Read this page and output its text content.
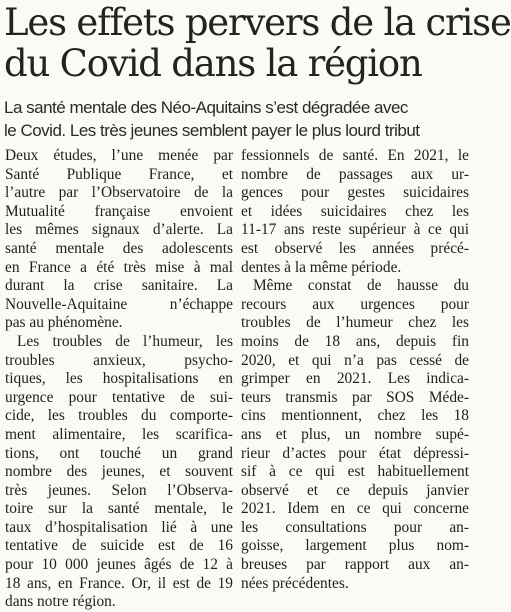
Les effets pervers de la crise
du Covid dans la région

La santé mentale des Néo-Aquitains s’est dégradée avec
le Covid. Les très jeunes semblent payer le plus lourd tribut

Deux études, l’une menée par
Santé Publique France, et
l’autre par l’Observatoire de la
Mutualité française envoient
les mêmes signaux d’alerte. La
santé mentale des adolescents
en France a été très mise à mal
durant la crise sanitaire. La
Nouvelle-Aquitaine n’échappe
pas au phénomène.

Les troubles de l’humeur, les
troubles anxieux, psycho-
tiques, les hospitalisations en
urgence pour tentative de sui-
cide, les troubles du comporte-
ment alimentaire, les scarifica-
tions, ont touché un grand
nombre des jeunes, et souvent
très jeunes. Selon l’Observa-
toire sur la santé mentale, le
taux d’hospitalisation lié à une
tentative de suicide est de 16
pour 10 000 jeunes âgés de 12 à
18 ans, en France. Or, il est de 19
dans notre région.

fessionnels de santé. En 2021, le
nombre de passages aux ur-
gences pour gestes suicidaires
et idées suicidaires chez les
11-17 ans reste supérieur à ce qui
est observé les années précé-
dentes à la même période.

Même constat de hausse du
recours aux urgences pour
troubles de l’humeur chez les
moins de 18 ans, depuis fin
2020, et qui n’a pas cessé de
grimper en 2021. Les indica-
teurs transmis par SOS Méde-
cins mentionnent, chez les 18
ans et plus, un nombre supé-
rieur d’actes pour état dépressi-
sif à ce qui est habituellement
observé et ce depuis janvier
2021. Idem en ce qui concerne
les consultations pour an-
goisse, largement plus nom-
breuses par rapport aux an-
nées précédentes.
